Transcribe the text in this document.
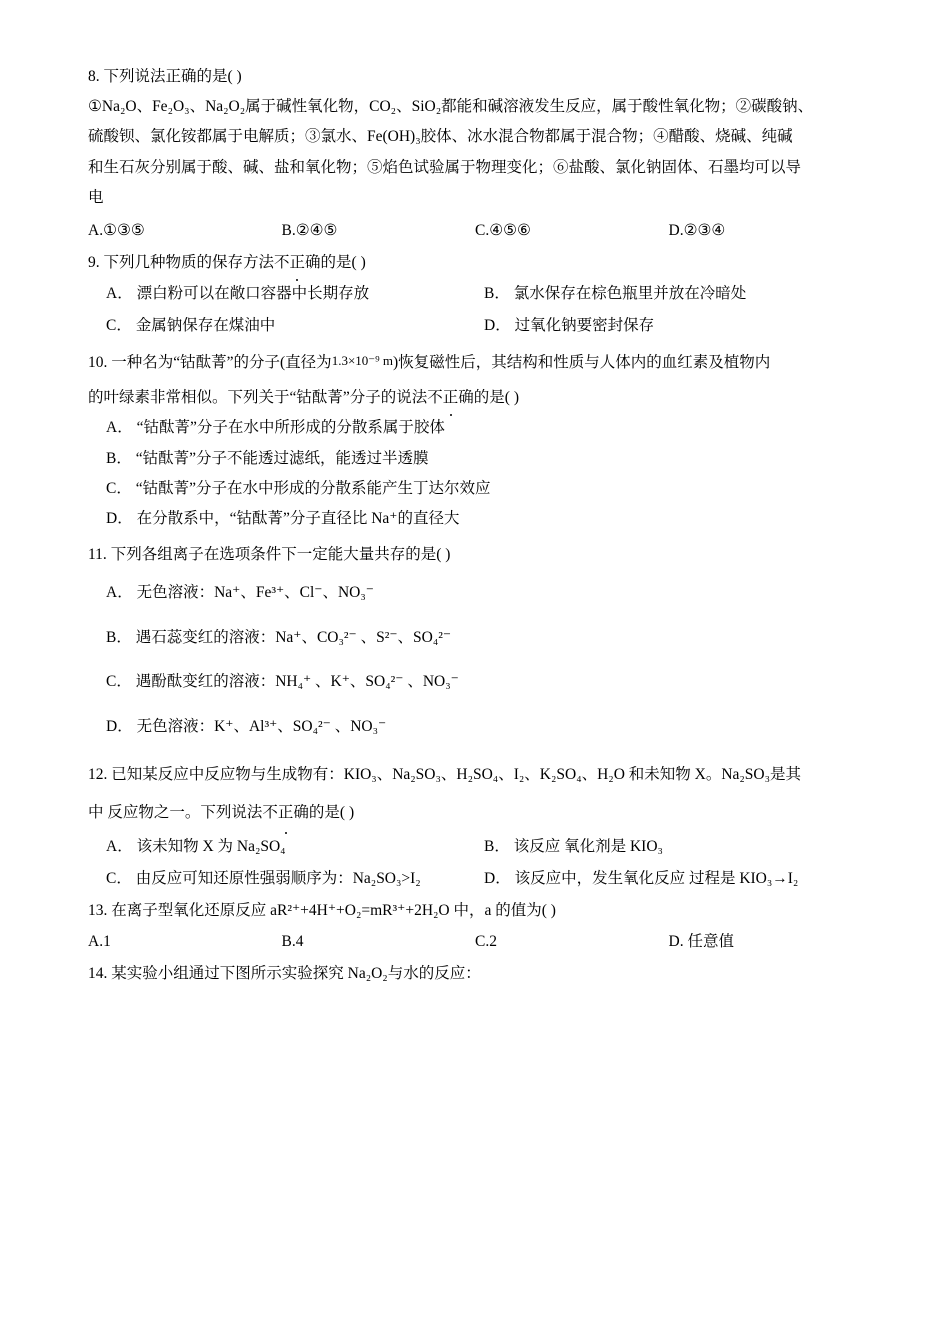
8. 下列说法正确的是( )
①Na₂O、Fe₂O₃、Na₂O₂属于碱性氧化物，CO₂、SiO₂都能和碱溶液发生反应，属于酸性氧化物；②碳酸钠、
硫酸钡、氯化铵都属于电解质；③氯水、Fe(OH)₃胶体、冰水混合物都属于混合物；④醋酸、烧碱、纯碱
和生石灰分别属于酸、碱、盐和氧化物；⑤焰色试验属于物理变化；⑥盐酸、氯化钠固体、石墨均可以导
电
A.①③⑤	B.②④⑤	C.④⑤⑥	D.②③④
9. 下列几种物质的保存方法不正确的是( )
A． 漂白粉可以在敞口容器中长期存放	B． 氯水保存在棕色瓶里并放在冷暗处
C． 金属钠保存在煤油中	D． 过氧化钠要密封保存
10. 一种名为“钴酞菁”的分子(直径为1.3×10⁻⁹ m)恢复磁性后，其结构和性质与人体内的血红素及植物内
的叶绿素非常相似。下列关于“钴酞菁”分子的说法不正确的是( )
A． “钴酞菁”分子在水中所形成的分散系属于胶体
B． “钴酞菁”分子不能透过滤纸，能透过半透膜
C． “钴酞菁”分子在水中形成的分散系能产生丁达尔效应
D． 在分散系中，“钴酞菁”分子直径比 Na⁺的直径大
11. 下列各组离子在选项条件下一定能大量共存的是( )
A． 无色溶液：Na⁺、Fe³⁺、Cl⁻、NO₃⁻
B． 遇石蕊变红的溶液：Na⁺、CO₃²⁻ 、S²⁻、SO₄²⁻
C． 遇酚酞变红的溶液：NH₄⁺ 、K⁺、SO₄²⁻ 、NO₃⁻
D． 无色溶液：K⁺、Al³⁺、SO₄²⁻ 、NO₃⁻
12. 已知某反应中反应物与生成物有：KIO₃、Na₂SO₃、H₂SO₄、I₂、K₂SO₄、H₂O 和未知物 X。Na₂SO₃是其
中 反应物之一。下列说法不正确的是( )
A． 该未知物 X 为 Na₂SO₄	B． 该反应 氧化剂是 KIO₃
C． 由反应可知还原性强弱顺序为：Na₂SO₃>I₂	D． 该反应中，发生氧化反应 过程是 KIO₃→I₂
13. 在离子型氧化还原反应 aR²⁺+4H⁺+O₂=mR³⁺+2H₂O 中，a 的值为( )
A.1	B.4	C.2	D. 任意值
14. 某实验小组通过下图所示实验探究 Na₂O₂与水的反应：
